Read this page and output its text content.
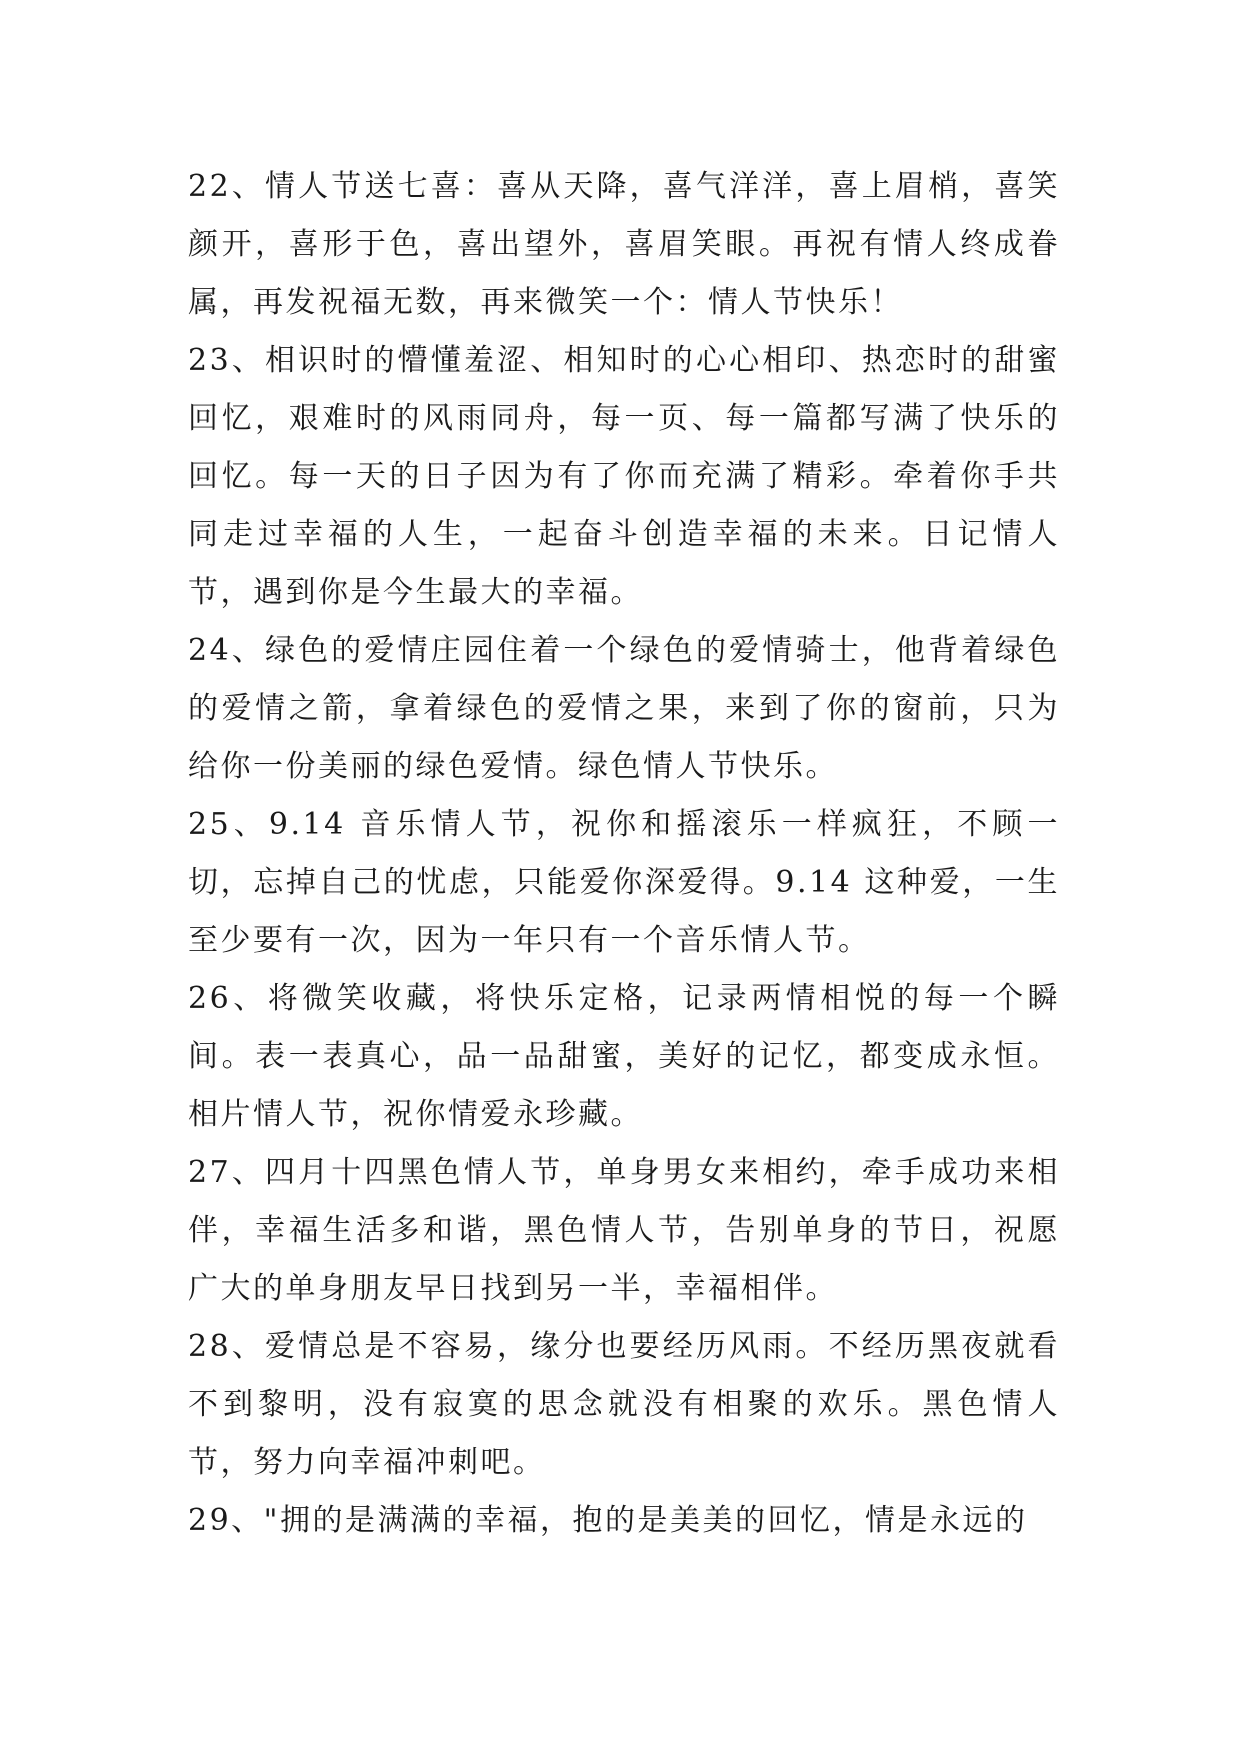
22、情人节送七喜：喜从天降，喜气洋洋，喜上眉梢，喜笑颜开，喜形于色，喜出望外，喜眉笑眼。再祝有情人终成眷属，再发祝福无数，再来微笑一个：情人节快乐！

23、相识时的懵懂羞涩、相知时的心心相印、热恋时的甜蜜回忆，艰难时的风雨同舟，每一页、每一篇都写满了快乐的回忆。每一天的日子因为有了你而充满了精彩。牵着你手共同走过幸福的人生，一起奋斗创造幸福的未来。日记情人节，遇到你是今生最大的幸福。

24、绿色的爱情庄园住着一个绿色的爱情骑士，他背着绿色的爱情之箭，拿着绿色的爱情之果，来到了你的窗前，只为给你一份美丽的绿色爱情。绿色情人节快乐。

25、9.14 音乐情人节，祝你和摇滚乐一样疯狂，不顾一切，忘掉自己的忧虑，只能爱你深爱得。9.14 这种爱，一生至少要有一次，因为一年只有一个音乐情人节。

26、将微笑收藏，将快乐定格，记录两情相悦的每一个瞬间。表一表真心，品一品甜蜜，美好的记忆，都变成永恒。相片情人节，祝你情爱永珍藏。

27、四月十四黑色情人节，单身男女来相约，牵手成功来相伴，幸福生活多和谐，黑色情人节，告别单身的节日，祝愿广大的单身朋友早日找到另一半，幸福相伴。

28、爱情总是不容易，缘分也要经历风雨。不经历黑夜就看不到黎明，没有寂寞的思念就没有相聚的欢乐。黑色情人节，努力向幸福冲刺吧。

29、"拥的是满满的幸福，抱的是美美的回忆，情是永远的
